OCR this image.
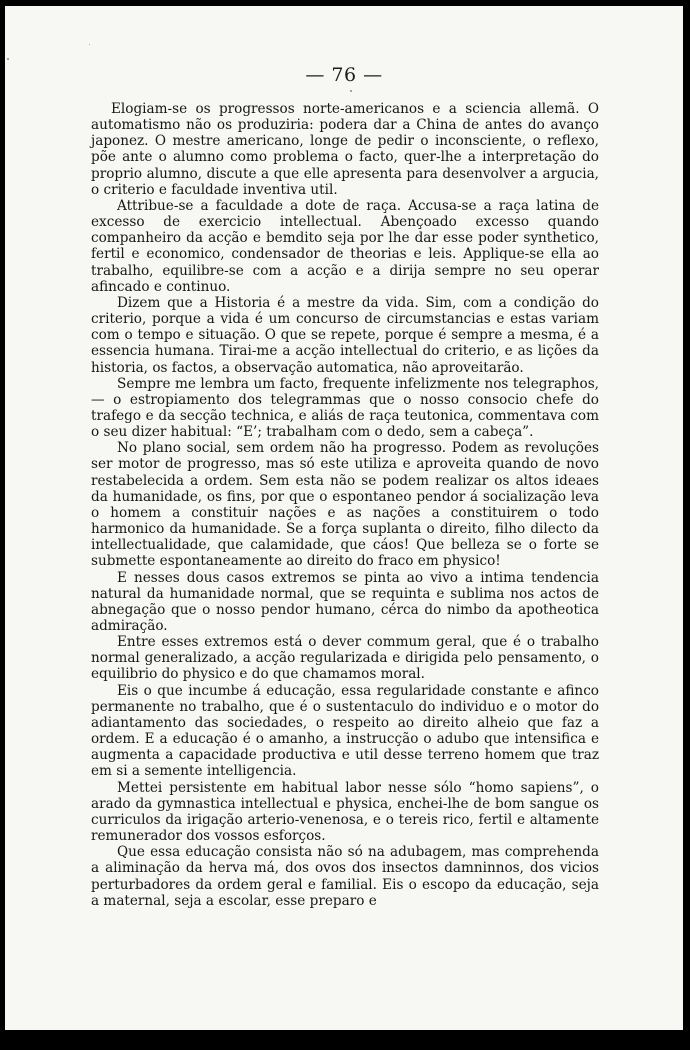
— 76 —

Elogiam-se os progressos norte-americanos e a sciencia allemã. O automatismo não os produziria: podera dar a China de antes do avanço japonez. O mestre americano, longe de pedir o inconsciente, o reflexo, põe ante o alumno como problema o facto, quer-lhe a interpretação do proprio alumno, discute a que elle apresenta para desenvolver a argucia, o criterio e faculdade inventiva util.

Attribue-se a faculdade a dote de raça. Accusa-se a raça latina de excesso de exercicio intellectual. Abençoado excesso quando companheiro da acção e bemdito seja por lhe dar esse poder synthetico, fertil e economico, condensador de theorias e leis. Applique-se ella ao trabalho, equilibre-se com a acção e a dirija sempre no seu operar afincado e continuo.

Dizem que a Historia é a mestre da vida. Sim, com a condição do criterio, porque a vida é um concurso de circumstancias e estas variam com o tempo e situação. O que se repete, porque é sempre a mesma, é a essencia humana. Tirai-me a acção intellectual do criterio, e as lições da historia, os factos, a observação automatica, não aproveitarão.

Sempre me lembra um facto, frequente infelizmente nos telegraphos, — o estropiamento dos telegrammas que o nosso consocio chefe do trafego e da secção technica, e aliás de raça teutonica, commentava com o seu dizer habitual: “E’; trabalham com o dedo, sem a cabeça”.

No plano social, sem ordem não ha progresso. Podem as revoluções ser motor de progresso, mas só este utiliza e aproveita quando de novo restabelecida a ordem. Sem esta não se podem realizar os altos ideaes da humanidade, os fins, por que o espontaneo pendor á socialização leva o homem a constituir nações e as nações a constituirem o todo harmonico da humanidade. Se a força suplanta o direito, filho dilecto da intellectualidade, que calamidade, que cáos! Que belleza se o forte se submette espontaneamente ao direito do fraco em physico!

E nesses dous casos extremos se pinta ao vivo a intima tendencia natural da humanidade normal, que se requinta e sublima nos actos de abnegação que o nosso pendor humano, cérca do nimbo da apotheotica admiração.

Entre esses extremos está o dever commum geral, que é o trabalho normal generalizado, a acção regularizada e dirigida pelo pensamento, o equilibrio do physico e do que chamamos moral.

Eis o que incumbe á educação, essa regularidade constante e afinco permanente no trabalho, que é o sustentaculo do individuo e o motor do adiantamento das sociedades, o respeito ao direito alheio que faz a ordem. E a educação é o amanho, a instrucção o adubo que intensifica e augmenta a capacidade productiva e util desse terreno homem que traz em si a semente intelligencia.

Mettei persistente em habitual labor nesse sólo “homo sapiens”, o arado da gymnastica intellectual e physica, enchei-lhe de bom sangue os curriculos da irigação arterio-venenosa, e o tereis rico, fertil e altamente remunerador dos vossos esforços.

Que essa educação consista não só na adubagem, mas comprehenda a aliminação da herva má, dos ovos dos insectos damninnos, dos vicios perturbadores da ordem geral e familial. Eis o escopo da educação, seja a maternal, seja a escolar, esse preparo e
